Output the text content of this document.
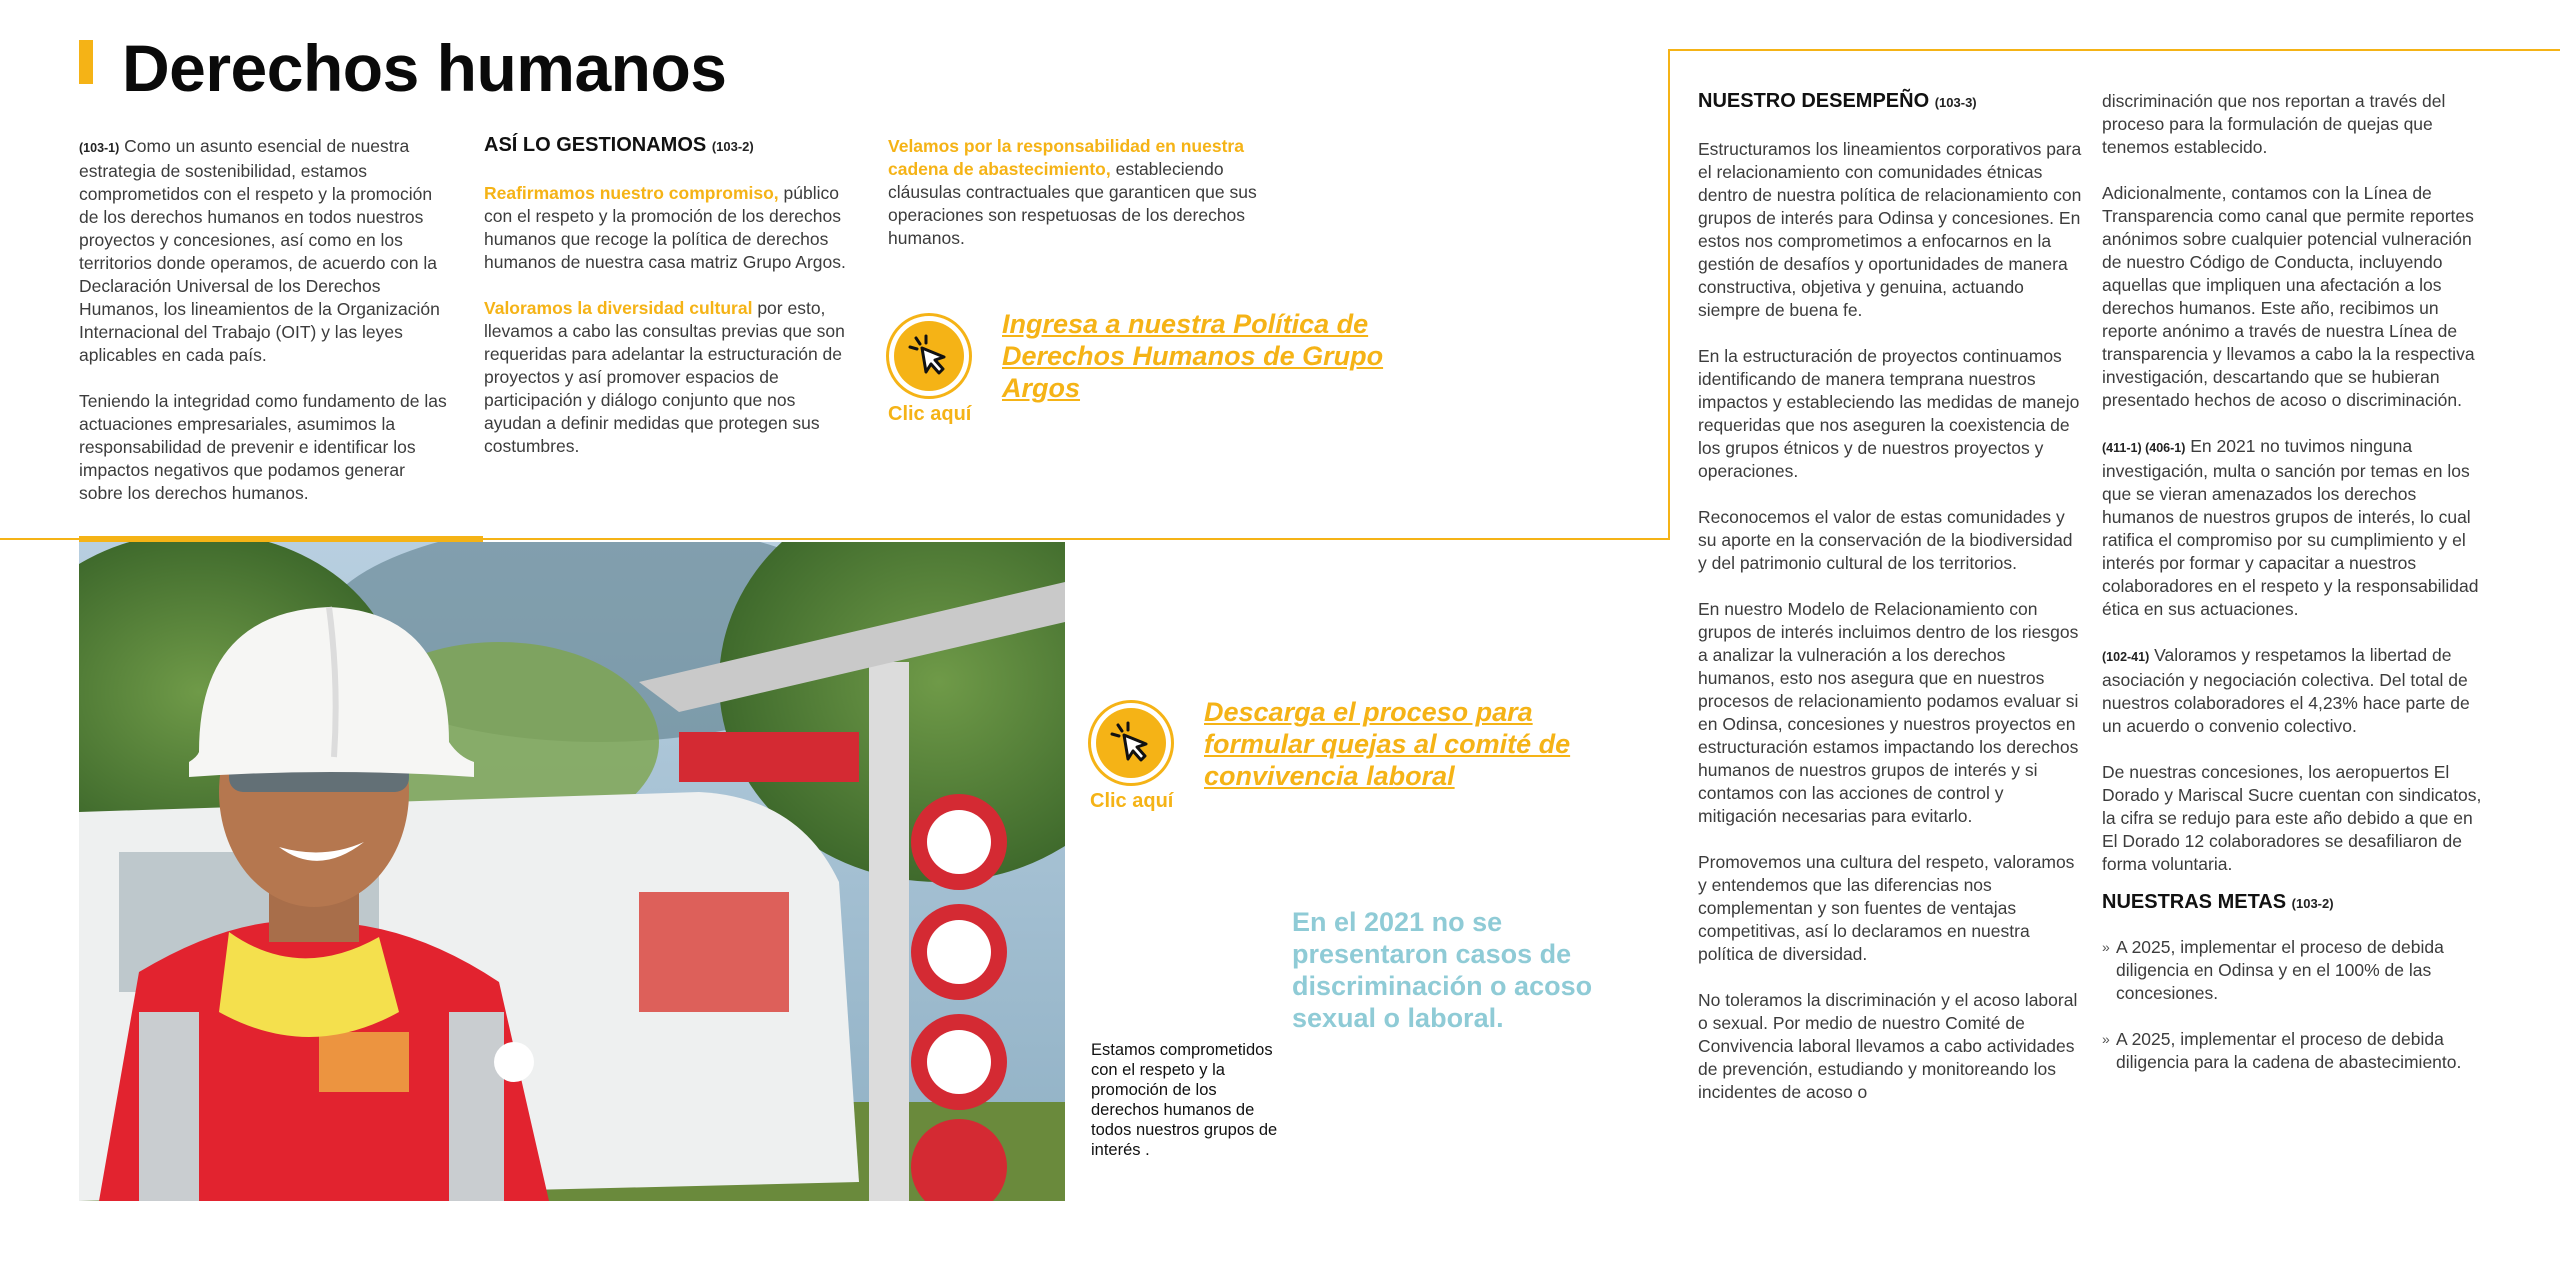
Derechos humanos

(103-1) Como un asunto esencial de nuestra estrategia de sostenibilidad, estamos comprometidos con el respeto y la promoción de los derechos humanos en todos nuestros proyectos y concesiones, así como en los territorios donde operamos, de acuerdo con la Declaración Universal de los Derechos Humanos, los lineamientos de la Organización Internacional del Trabajo (OIT) y las leyes aplicables en cada país.

Teniendo la integridad como fundamento de las actuaciones empresariales, asumimos la responsabilidad de prevenir e identificar los impactos negativos que podamos generar sobre los derechos humanos.

ASÍ LO GESTIONAMOS (103-2)

Reafirmamos nuestro compromiso, público con el respeto y la promoción de los derechos humanos que recoge la política de derechos humanos de nuestra casa matriz Grupo Argos.

Valoramos la diversidad cultural por esto, llevamos a cabo las consultas previas que son requeridas para adelantar la estructuración de proyectos y así promover espacios de participación y diálogo conjunto que nos ayudan a definir medidas que protegen sus costumbres.

Velamos por la responsabilidad en nuestra cadena de abastecimiento, estableciendo cláusulas contractuales que garanticen que sus operaciones son respetuosas de los derechos humanos.

Clic aquí
Ingresa a nuestra Política de Derechos Humanos de Grupo Argos
Clic aquí
Descarga el proceso para formular quejas al comité de convivencia laboral

En el 2021 no se presentaron casos de discriminación o acoso sexual o laboral.

Estamos comprometidos con el respeto y la promoción de los derechos humanos de todos nuestros grupos de interés .

NUESTRO DESEMPEÑO (103-3)

Estructuramos los lineamientos corporativos para el relacionamiento con comunidades étnicas dentro de nuestra política de relacionamiento con grupos de interés para Odinsa y concesiones. En estos nos comprometimos a enfocarnos en la gestión de desafíos y oportunidades de manera constructiva, objetiva y genuina, actuando siempre de buena fe.

En la estructuración de proyectos continuamos identificando de manera temprana nuestros impactos y estableciendo las medidas de manejo requeridas que nos aseguren la coexistencia de los grupos étnicos y de nuestros proyectos y operaciones.

Reconocemos el valor de estas comunidades y su aporte en la conservación de la biodiversidad y del patrimonio cultural de los territorios.

En nuestro Modelo de Relacionamiento con grupos de interés incluimos dentro de los riesgos a analizar la vulneración a los derechos humanos, esto nos asegura que en nuestros procesos de relacionamiento podamos evaluar si en Odinsa, concesiones y nuestros proyectos en estructuración estamos impactando los derechos humanos de nuestros grupos de interés y si contamos con las acciones de control y mitigación necesarias para evitarlo.

Promovemos una cultura del respeto, valoramos y entendemos que las diferencias nos complementan y son fuentes de ventajas competitivas, así lo declaramos en nuestra política de diversidad.

No toleramos la discriminación y el acoso laboral o sexual. Por medio de nuestro Comité de Convivencia laboral llevamos a cabo actividades de prevención, estudiando y monitoreando los incidentes de acoso o

discriminación que nos reportan a través del proceso para la formulación de quejas que tenemos establecido.

Adicionalmente, contamos con la Línea de Transparencia como canal que permite reportes anónimos sobre cualquier potencial vulneración de nuestro Código de Conducta, incluyendo aquellas que impliquen una afectación a los derechos humanos. Este año, recibimos un reporte anónimo a través de nuestra Línea de transparencia y llevamos a cabo la la respectiva investigación, descartando que se hubieran presentado hechos de acoso o discriminación.

(411-1) (406-1) En 2021 no tuvimos ninguna investigación, multa o sanción por temas en los que se vieran amenazados los derechos humanos de nuestros grupos de interés, lo cual ratifica el compromiso por su cumplimiento y el interés por formar y capacitar a nuestros colaboradores en el respeto y la responsabilidad ética en sus actuaciones.

(102-41) Valoramos y respetamos la libertad de asociación y negociación colectiva. Del total de nuestros colaboradores el 4,23% hace parte de un acuerdo o convenio colectivo.

De nuestras concesiones, los aeropuertos El Dorado y Mariscal Sucre cuentan con sindicatos, la cifra se redujo para este año debido a que en El Dorado 12 colaboradores se desafiliaron de forma voluntaria.

NUESTRAS METAS (103-2)

» A 2025, implementar el proceso de debida diligencia en Odinsa y en el 100% de las concesiones.
» A 2025, implementar el proceso de debida diligencia para la cadena de abastecimiento.
